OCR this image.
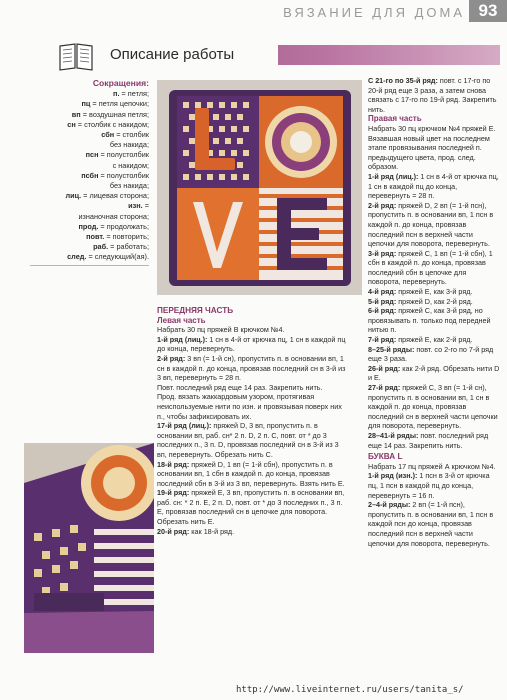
ВЯЗАНИЕ ДЛЯ ДОМА 93
Описание работы
Сокращения:
п. = петля;
пц = петля цепочки;
вп = воздушная петля;
сн = столбик с накидом;
сбн = столбик
без накида;
псн = полустолбик
с накидом;
псбн = полустолбик
без накида;
лиц. = лицевая сторона;
изн. =
изнаночная сторона;
прод. = продолжать;
повт. = повторить;
раб. = работать;
след. = следующий(ая).

ПЕРЕДНЯЯ ЧАСТЬ

Левая часть

Набрать 30 пц пряжей В крючком №4.

1-й ряд (лиц.): 1 сн в 4-й от крючка пц, 1 сн в каждой пц до конца, перевернуть.

2-й ряд: 3 вп (= 1-й сн), пропустить п. в основании вп, 1 сн в каждой п. до конца, провязав последний сн в 3-й из 3 вп, перевернуть = 28 п.

Повт. последний ряд еще 14 раз. Закрепить нить.

Прод. вязать жаккардовым узором, протягивая неиспользуемые нити по изн. и провязывая поверх них п., чтобы зафиксировать их.

17-й ряд (лиц.): пряжей D, 3 вп, пропустить п. в основании вп, раб. сн* 2 п. D, 2 п. C, повт. от * до 3 последних п., 3 п. D, провязав последний сн в 3-й из 3 вп, перевернуть. Обрезать нить С.

18-й ряд: пряжей D, 1 вп (= 1-й сбн), пропустить п. в основании вп, 1 сбн в каждой п. до конца, провязав последний сбн в 3-й из 3 вп, перевернуть. Взять нить Е.

19-й ряд: пряжей Е, 3 вп, пропустить п. в основании вп, раб. сн: * 2 п. Е, 2 п. D, повт. от * до 3 последних п., 3 п. Е, провязав последний сн в цепочке для поворота. Обрезать нить Е.

20-й ряд: как 18-й ряд.

С 21-го по 35-й ряд: повт. с 17-го по 20-й ряд еще 3 раза, а затем снова связать с 17-го по 19-й ряд. Закрепить нить.

Правая часть

Набрать 30 пц крючком №4 пряжей Е. Вязавшая новый цвет на последнем этапе провязывания последней п. предыдущего цвета, прод. след. образом.

1-й ряд (лиц.): 1 сн в 4-й от крючка пц, 1 сн в каждой пц до конца, перевернуть = 28 п.

2-й ряд: пряжей D, 2 вп (= 1-й псн), пропустить п. в основании вп, 1 псн в каждой п. до конца, провязав последний псн в верхней части цепочки для поворота, перевернуть.

3-й ряд: пряжей С, 1 вп (= 1-й сбн), 1 сбн в каждой п. до конца, провязав последний сбн в цепочке для поворота, перевернуть.

4-й ряд: пряжей Е, как 3-й ряд.

5-й ряд: пряжей D, как 2-й ряд.

6-й ряд: пряжей С, как 3-й ряд, но провязывать п. только под передней нитью п.

7-й ряд: пряжей Е, как 2-й ряд.

8–25-й ряды: повт. со 2-го по 7-й ряд еще 3 раза.

26-й ряд: как 2-й ряд. Обрезать нити D и E.

27-й ряд: пряжей С, 3 вп (= 1-й сн), пропустить п. в основании вп, 1 сн в каждой п. до конца, провязав последний сн в верхней части цепочки для поворота, перевернуть.

28–41-й ряды: повт. последний ряд еще 14 раз. Закрепить нить.

БУКВА L

Набрать 17 пц пряжей А крючком №4.

1-й ряд (изн.): 1 псн в 3-й от крючка пц, 1 псн в каждой пц до конца, перевернуть = 16 п.

2–4-й ряды: 2 вп (= 1-й псн), пропустить п. в основании вп, 1 псн в каждой псн до конца, провязав последний псн в верхней части цепочки для поворота, перевернуть.

http://www.liveinternet.ru/users/tanita_s/
